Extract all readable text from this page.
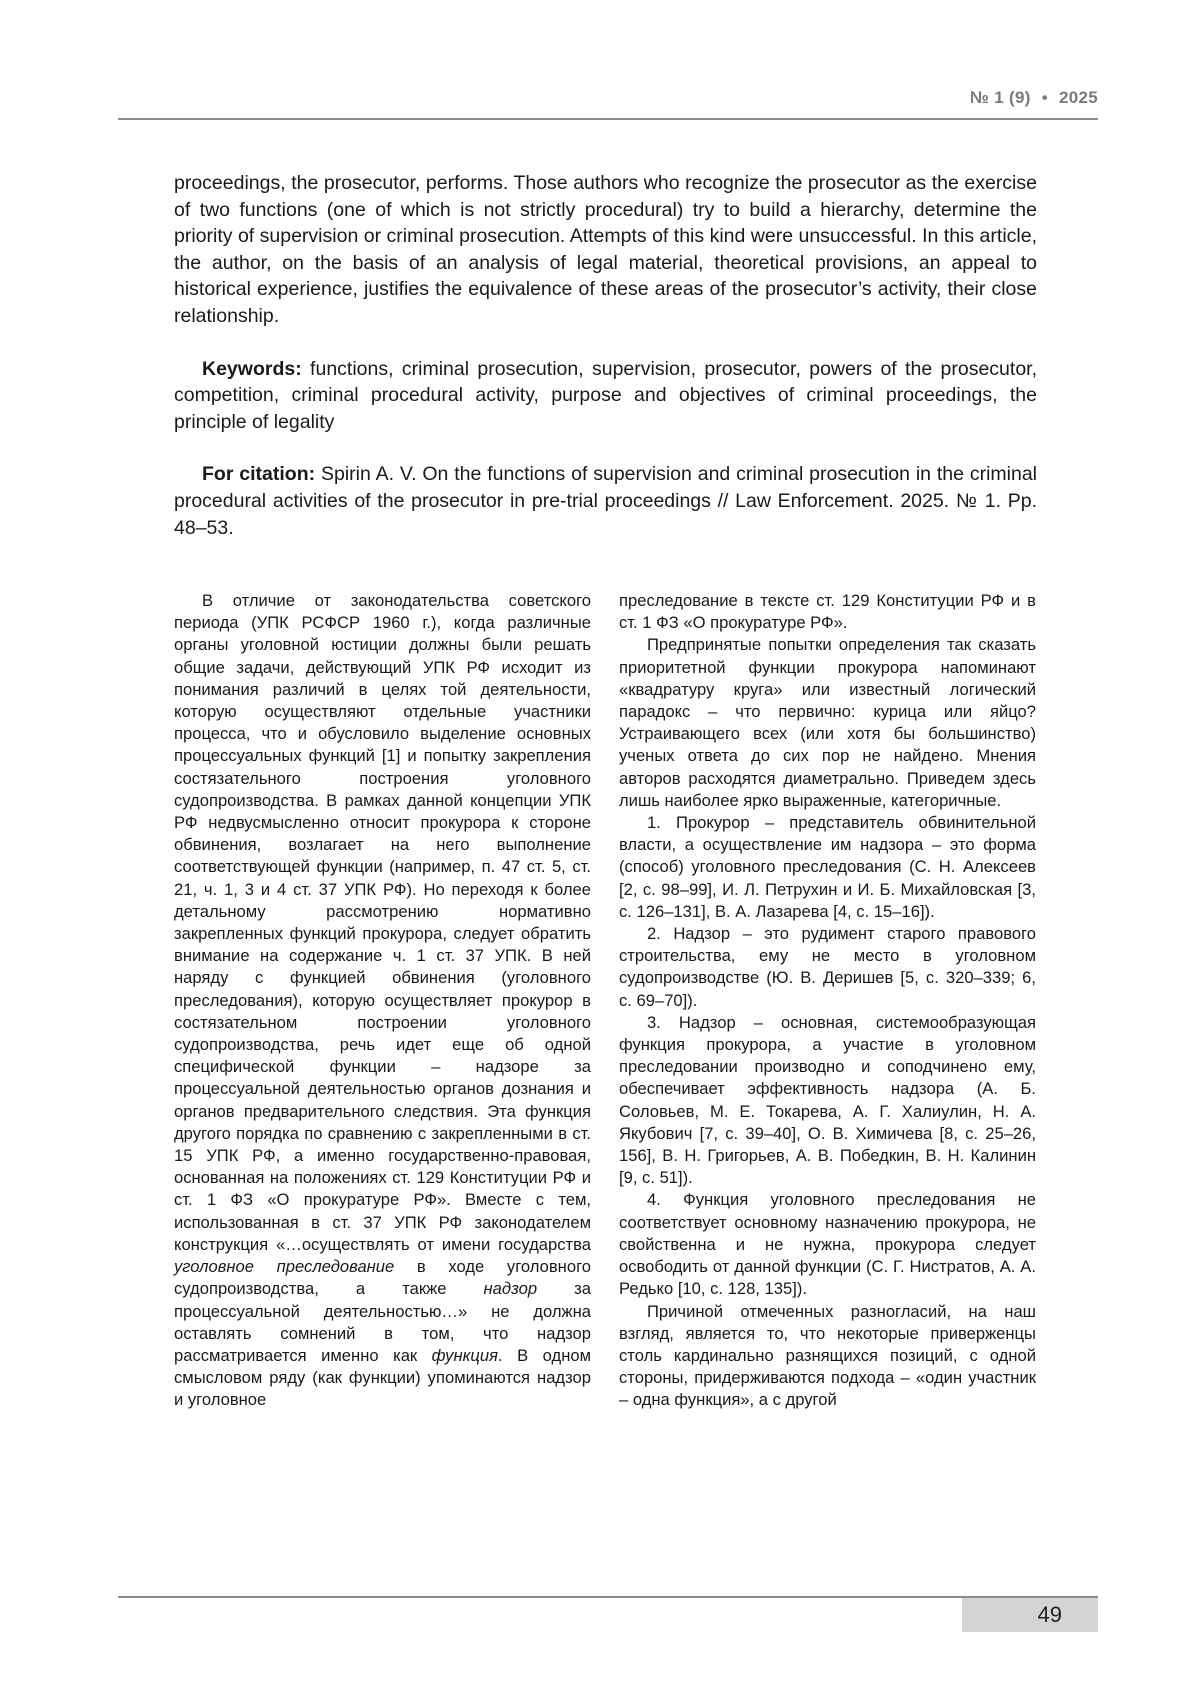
№ 1 (9) • 2025

proceedings, the prosecutor, performs. Those authors who recognize the prosecutor as the exercise of two functions (one of which is not strictly procedural) try to build a hierarchy, determine the priority of supervision or criminal prosecution. Attempts of this kind were unsuccessful. In this article, the author, on the basis of an analysis of legal material, theoretical provisions, an appeal to historical experience, justifies the equivalence of these areas of the prosecutor’s activity, their close relationship.

Keywords: functions, criminal prosecution, supervision, prosecutor, powers of the prosecutor, competition, criminal procedural activity, purpose and objectives of criminal proceedings, the principle of legality

For citation: Spirin A. V. On the functions of supervision and criminal prosecution in the criminal procedural activities of the prosecutor in pre-trial proceedings // Law Enforcement. 2025. № 1. Pp. 48–53.

В отличие от законодательства советского периода (УПК РСФСР 1960 г.), когда различные органы уголовной юстиции должны были решать общие задачи, действующий УПК РФ исходит из понимания различий в целях той деятельности, которую осуществляют отдельные участники процесса, что и обусловило выделение основных процессуальных функций [1] и попытку закрепления состязательного построения уголовного судопроизводства. В рамках данной концепции УПК РФ недвусмысленно относит прокурора к стороне обвинения, возлагает на него выполнение соответствующей функции (например, п. 47 ст. 5, ст. 21, ч. 1, 3 и 4 ст. 37 УПК РФ). Но переходя к более детальному рассмотрению нормативно закрепленных функций прокурора, следует обратить внимание на содержание ч. 1 ст. 37 УПК. В ней наряду с функцией обвинения (уголовного преследования), которую осуществляет прокурор в состязательном построении уголовного судопроизводства, речь идет еще об одной специфической функции – надзоре за процессуальной деятельностью органов дознания и органов предварительного следствия. Эта функция другого порядка по сравнению с закрепленными в ст. 15 УПК РФ, а именно государственно-правовая, основанная на положениях ст. 129 Конституции РФ и ст. 1 ФЗ «О прокуратуре РФ». Вместе с тем, использованная в ст. 37 УПК РФ законодателем конструкция «…осуществлять от имени государства уголовное преследование в ходе уголовного судопроизводства, а также надзор за процессуальной деятельностью…» не должна оставлять сомнений в том, что надзор рассматривается именно как функция. В одном смысловом ряду (как функции) упоминаются надзор и уголовное

преследование в тексте ст. 129 Конституции РФ и в ст. 1 ФЗ «О прокуратуре РФ».

Предпринятые попытки определения так сказать приоритетной функции прокурора напоминают «квадратуру круга» или известный логический парадокс – что первично: курица или яйцо? Устраивающего всех (или хотя бы большинство) ученых ответа до сих пор не найдено. Мнения авторов расходятся диаметрально. Приведем здесь лишь наиболее ярко выраженные, категоричные.

1. Прокурор – представитель обвинительной власти, а осуществление им надзора – это форма (способ) уголовного преследования (С. Н. Алексеев [2, с. 98–99], И. Л. Петрухин и И. Б. Михайловская [3, с. 126–131], В. А. Лазарева [4, с. 15–16]).

2. Надзор – это рудимент старого правового строительства, ему не место в уголовном судопроизводстве (Ю. В. Деришев [5, с. 320–339; 6, с. 69–70]).

3. Надзор – основная, системообразующая функция прокурора, а участие в уголовном преследовании производно и соподчинено ему, обеспечивает эффективность надзора (А. Б. Соловьев, М. Е. Токарева, А. Г. Халиулин, Н. А. Якубович [7, с. 39–40], О. В. Химичева [8, с. 25–26, 156], В. Н. Григорьев, А. В. Победкин, В. Н. Калинин [9, с. 51]).

4. Функция уголовного преследования не соответствует основному назначению прокурора, не свойственна и не нужна, прокурора следует освободить от данной функции (С. Г. Нистратов, А. А. Редько [10, с. 128, 135]).

Причиной отмеченных разногласий, на наш взгляд, является то, что некоторые приверженцы столь кардинально разнящихся позиций, с одной стороны, придерживаются подхода – «один участник – одна функция», а с другой

49
